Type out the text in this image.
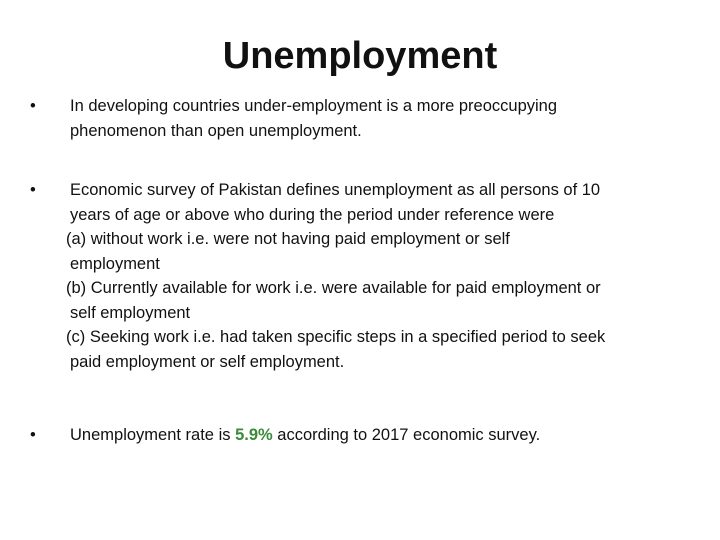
Unemployment
•	In developing countries under-employment is a more preoccupying
phenomenon than open unemployment.
•	Economic survey of Pakistan defines unemployment as all persons of 10
years of age or above who during the period under reference were
(a) without work i.e. were not having paid employment or self
employment
(b) Currently available for work i.e. were available for paid employment or
self employment
(c) Seeking work i.e. had taken specific steps in a specified period to seek
paid employment or self employment.
•	Unemployment rate is 5.9% according to 2017 economic survey.
